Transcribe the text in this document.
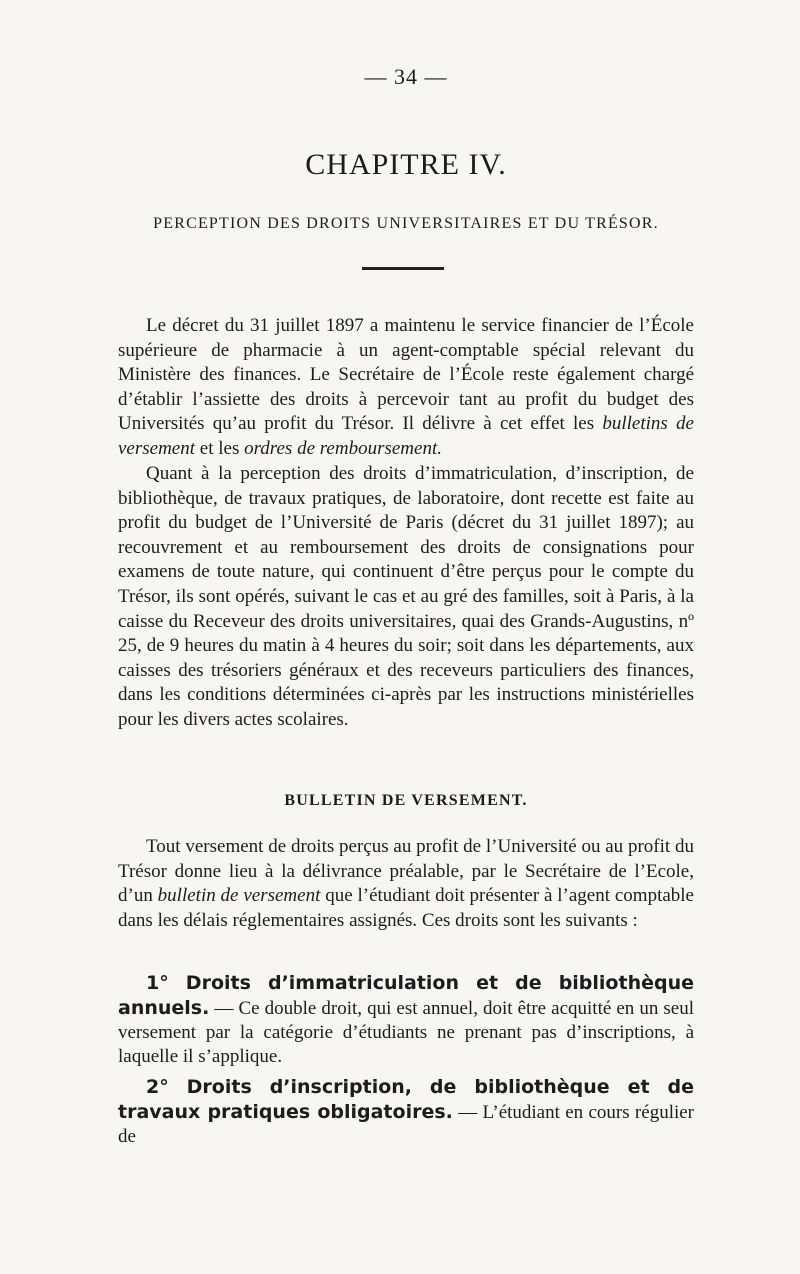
— 34 —
CHAPITRE IV.
PERCEPTION DES DROITS UNIVERSITAIRES ET DU TRÉSOR.
Le décret du 31 juillet 1897 a maintenu le service financier de l’École supérieure de pharmacie à un agent-comptable spécial relevant du Ministère des finances. Le Secrétaire de l’École reste également chargé d’établir l’assiette des droits à percevoir tant au profit du budget des Universités qu’au profit du Trésor. Il délivre à cet effet les bulletins de versement et les ordres de remboursement.
Quant à la perception des droits d’immatriculation, d’inscription, de bibliothèque, de travaux pratiques, de laboratoire, dont recette est faite au profit du budget de l’Université de Paris (décret du 31 juillet 1897); au recouvrement et au remboursement des droits de consignations pour examens de toute nature, qui continuent d’être perçus pour le compte du Trésor, ils sont opérés, suivant le cas et au gré des familles, soit à Paris, à la caisse du Receveur des droits universitaires, quai des Grands-Augustins, nº 25, de 9 heures du matin à 4 heures du soir; soit dans les départements, aux caisses des trésoriers généraux et des receveurs particuliers des finances, dans les conditions déterminées ci-après par les instructions ministérielles pour les divers actes scolaires.
BULLETIN DE VERSEMENT.
Tout versement de droits perçus au profit de l’Université ou au profit du Trésor donne lieu à la délivrance préalable, par le Secrétaire de l’Ecole, d’un bulletin de versement que l’étudiant doit présenter à l’agent comptable dans les délais réglementaires assignés. Ces droits sont les suivants :
1° Droits d’immatriculation et de bibliothèque annuels. — Ce double droit, qui est annuel, doit être acquitté en un seul versement par la catégorie d’étudiants ne prenant pas d’inscriptions, à laquelle il s’applique.
2° Droits d’inscription, de bibliothèque et de travaux pratiques obligatoires. — L’étudiant en cours régulier de
